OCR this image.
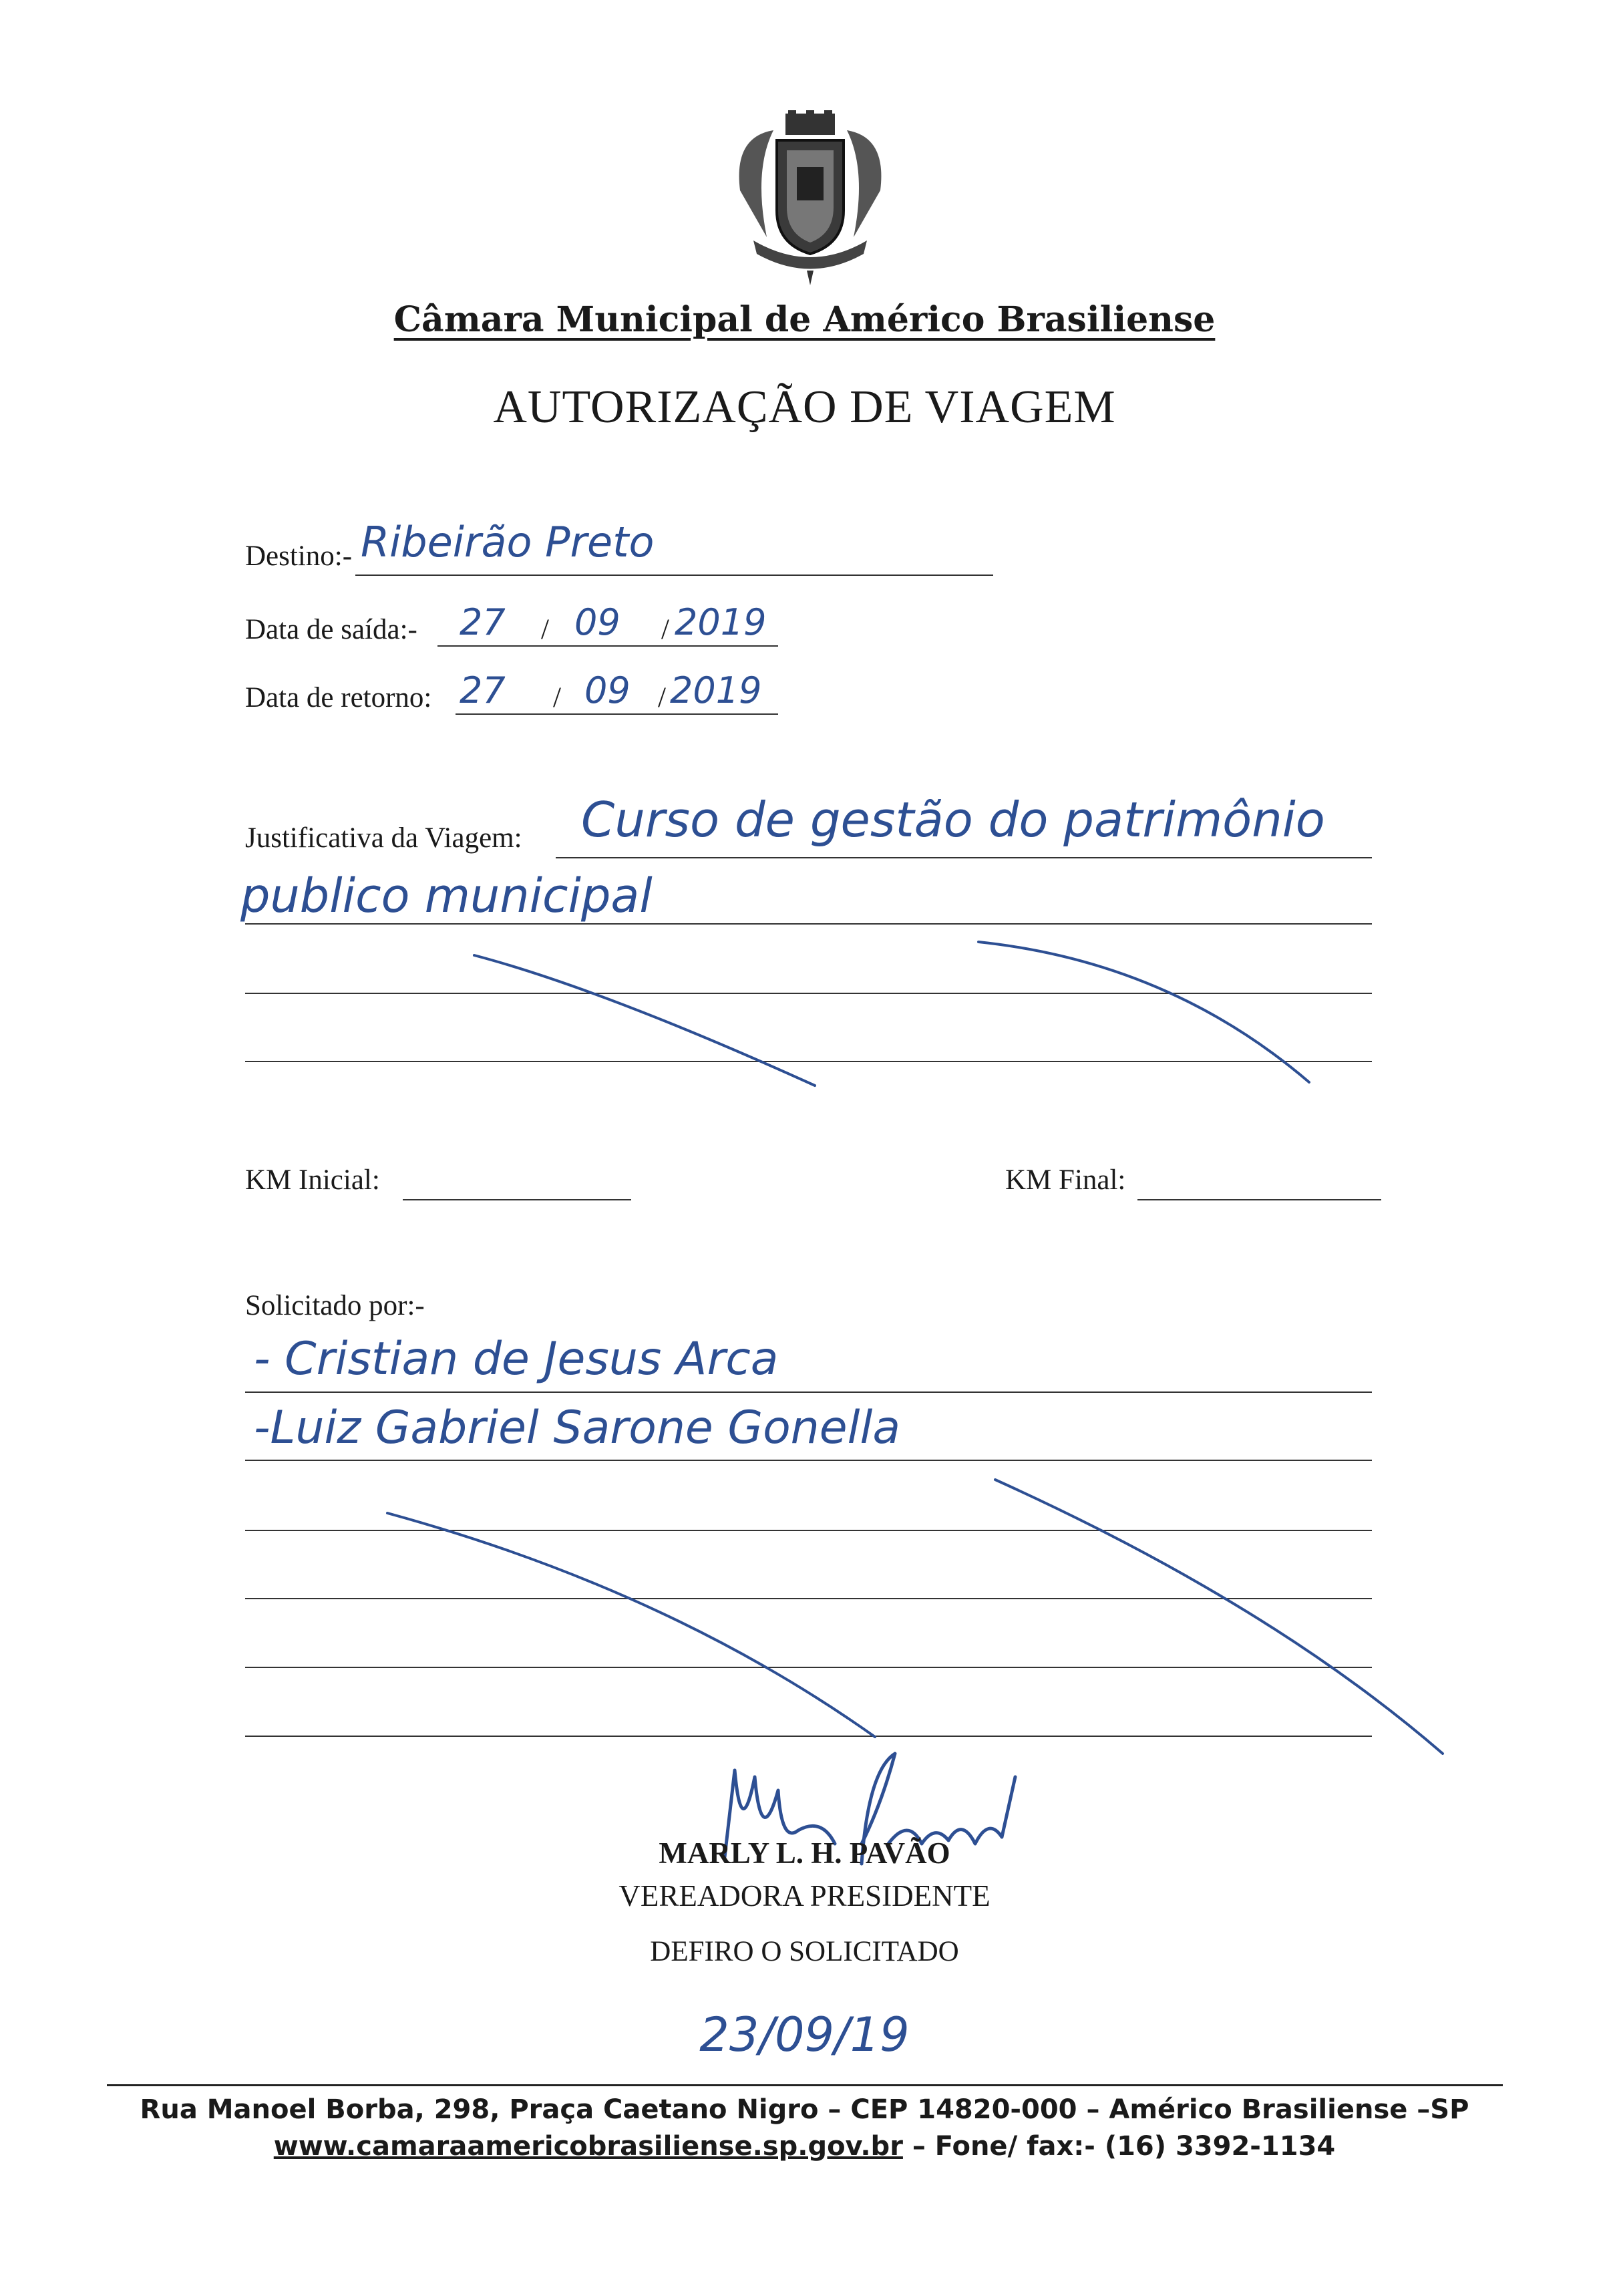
Câmara Municipal de Américo Brasiliense
AUTORIZAÇÃO DE VIAGEM
Destino:- Ribeirão Preto
Data de saída:- 27 / 09 / 2019
Data de retorno: 27 / 09 / 2019
Justificativa da Viagem: Curso de gestão do patrimônio
publico municipal
KM Inicial:	KM Final:
Solicitado por:-
- Cristian de Jesus Arca
-Luiz Gabriel Sarone Gonella
MARLY L. H. PAVÃO
VEREADORA PRESIDENTE
DEFIRO O SOLICITADO
23/09/19
Rua Manoel Borba, 298, Praça Caetano Nigro – CEP 14820-000 – Américo Brasiliense –SP
www.camaraamericobrasiliense.sp.gov.br – Fone/ fax:- (16) 3392-1134
